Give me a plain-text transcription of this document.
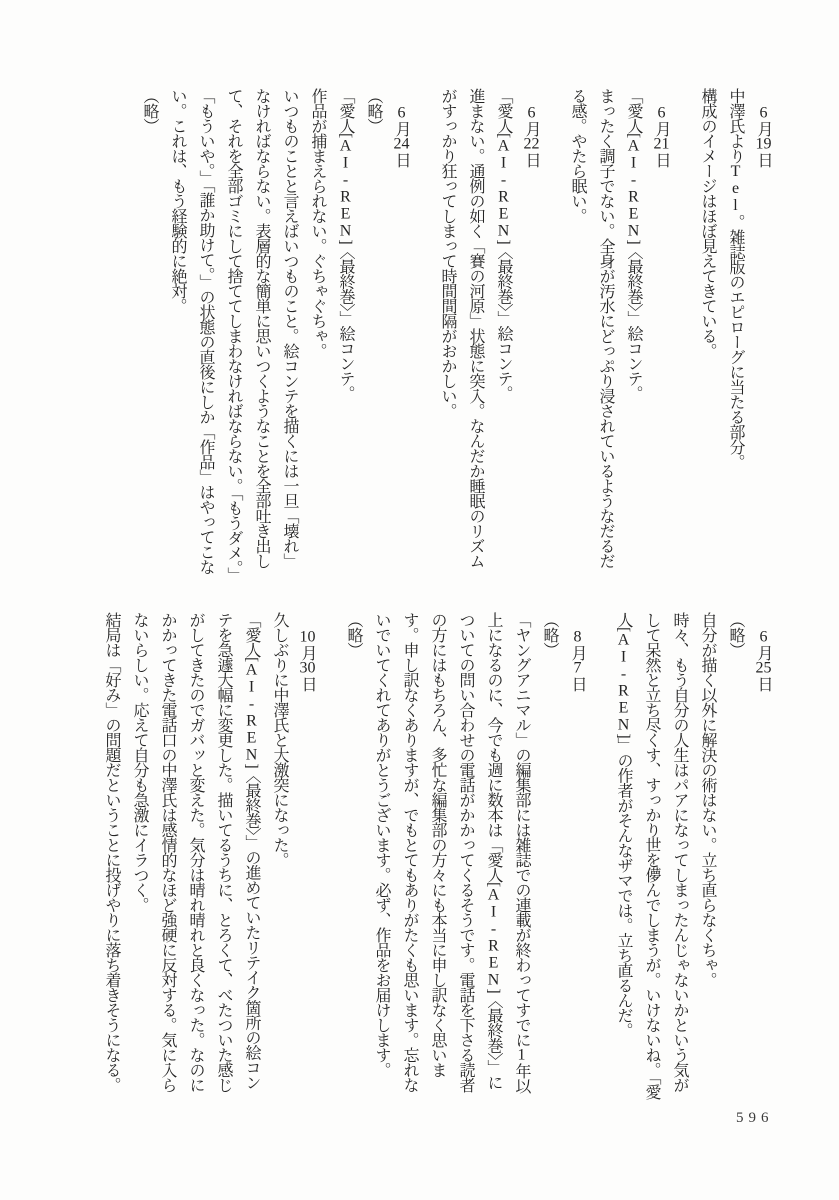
6月19日

中澤氏よりTel。雑誌版のエピローグに当たる部分。

構成のイメージはほぼ見えてきている。

6月21日

「愛人[AI-REN]〈最終巻〉」絵コンテ。

まったく調子でない。全身が汚水にどっぷり浸されているようなだるだる感。やたら眠い。

6月22日

「愛人[AI-REN]〈最終巻〉」絵コンテ。

進まない。通例の如く「賽の河原」状態に突入。なんだか睡眠のリズムがすっかり狂ってしまって時間間隔がおかしい。

6月24日

（略）

「愛人[AI-REN]〈最終巻〉」絵コンテ。

作品が捕まえられない。ぐちゃぐちゃ。

いつものことと言えばいつものこと。絵コンテを描くには一旦「壊れ」なければならない。表層的な簡単に思いつくようなことを全部吐き出して、それを全部ゴミにして捨ててしまわなければならない。「もうダメ。」「もういや。」「誰か助けて。」の状態の直後にしか「作品」はやってこない。これは、もう経験的に絶対。

（略）

6月25日

（略）

自分が描く以外に解決の術はない。立ち直らなくちゃ。

時々、もう自分の人生はパアになってしまったんじゃないかという気がして呆然と立ち尽くす、すっかり世を儚んでしまうが。いけないね。「愛人[AI-REN]」の作者がそんなザマでは。立ち直るんだ。

8月7日

（略）

「ヤングアニマル」の編集部には雑誌での連載が終わってすでに1年以上になるのに、今でも週に数本は「愛人[AI-REN]〈最終巻〉」についての問い合わせの電話がかかってくるそうです。電話を下さる読者の方にはもちろん、多忙な編集部の方々にも本当に申し訳なく思います。申し訳なくありますが、でもとてもありがたくも思います。忘れないでいてくれてありがとうございます。必ず、作品をお届けします。

（略）

10月30日

久しぶりに中澤氏と大激突になった。

「愛人[AI-REN]〈最終巻〉」の進めていたリテイク箇所の絵コンテを急遽大幅に変更した。描いてるうちに、とろくて、べたついた感じがしてきたのでガバッと変えた。気分は晴れ晴れと良くなった。なのにかかってきた電話口の中澤氏は感情的なほど強硬に反対する。気に入らないらしい。応えて自分も急激にイラつく。

結局は「好み」の問題だということに投げやりに落ち着きそうになる。

596
